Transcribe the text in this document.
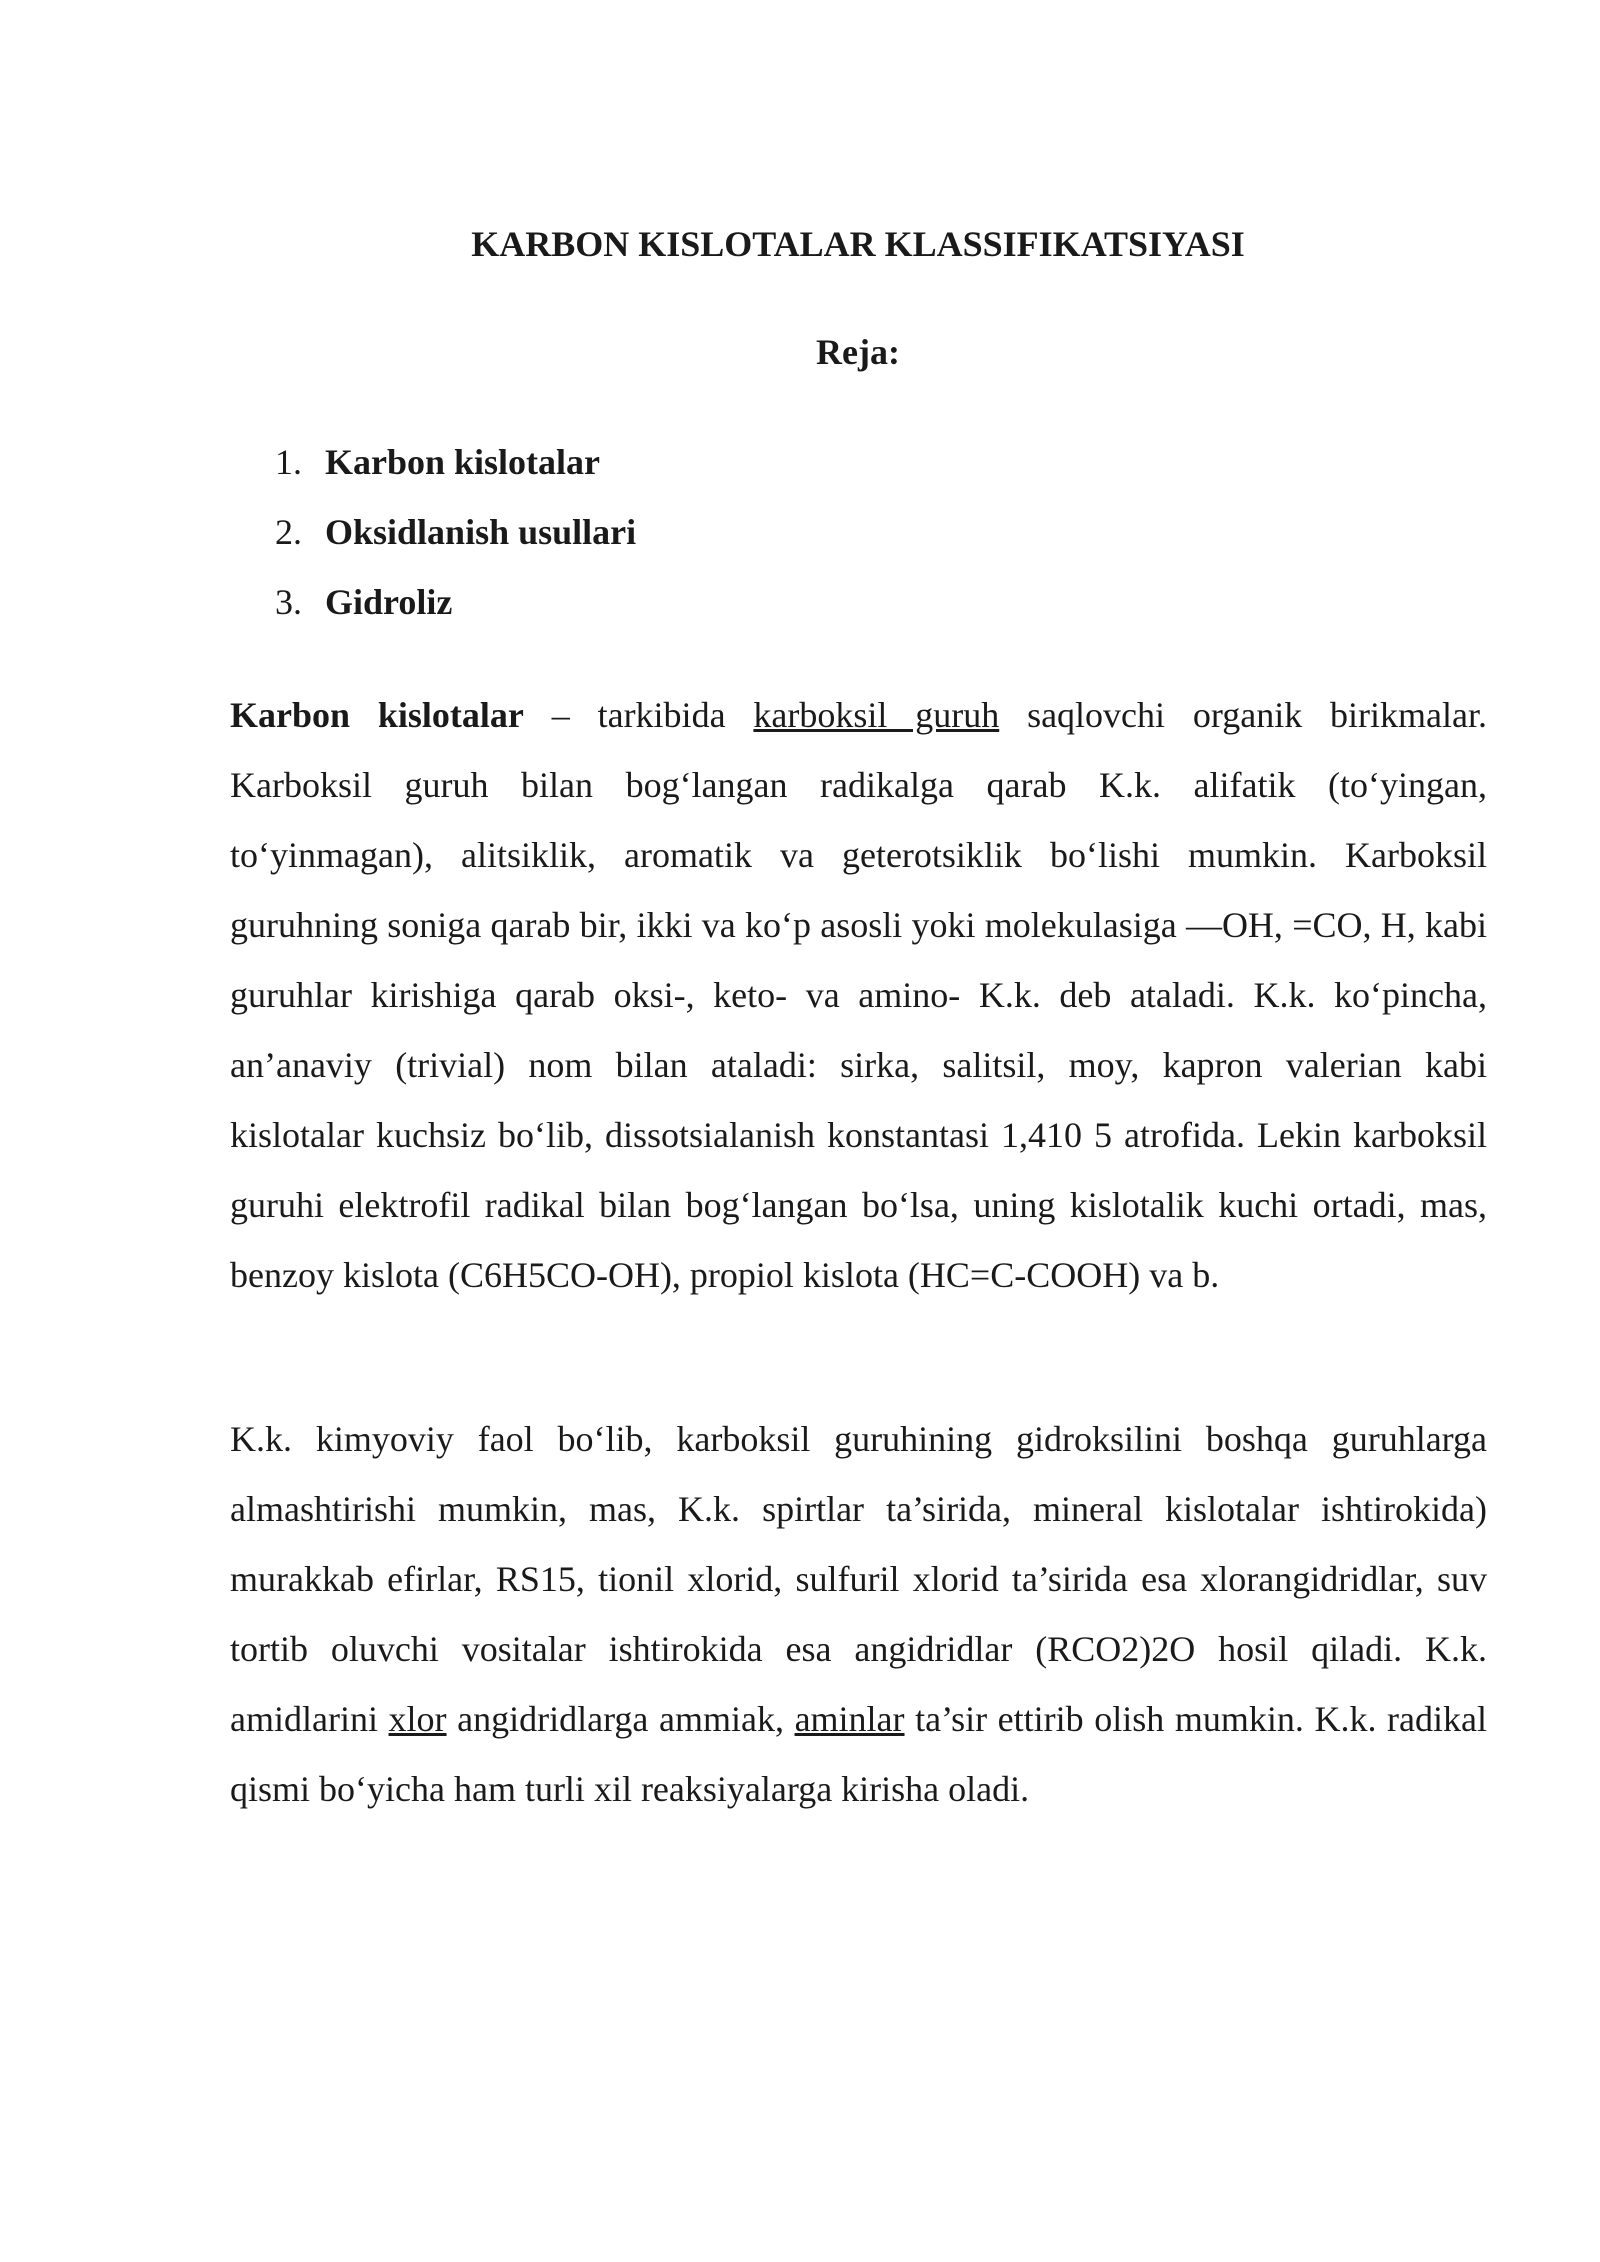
KARBON KISLOTALAR KLASSIFIKATSIYASI
Reja:
1. Karbon kislotalar
2. Oksidlanish usullari
3. Gidroliz

Karbon kislotalar – tarkibida karboksil guruh saqlovchi organik birikmalar. Karboksil guruh bilan bog‘langan radikalga qarab K.k. alifatik (to‘yingan, to‘yinmagan), alitsiklik, aromatik va geterotsiklik bo‘lishi mumkin. Karboksil guruhning soniga qarab bir, ikki va ko‘p asosli yoki molekulasiga —OH, =CO, H, kabi guruhlar kirishiga qarab oksi-, keto- va amino- K.k. deb ataladi. K.k. ko‘pincha, an’anaviy (trivial) nom bilan ataladi: sirka, salitsil, moy, kapron valerian kabi kislotalar kuchsiz bo‘lib, dissotsialanish konstantasi 1,410 5 atrofida. Lekin karboksil guruhi elektrofil radikal bilan bog‘langan bo‘lsa, uning kislotalik kuchi ortadi, mas, benzoy kislota (C6H5CO-OH), propiol kislota (HC=C-COOH) va b.

K.k. kimyoviy faol bo‘lib, karboksil guruhining gidroksilini boshqa guruhlarga almashtirishi mumkin, mas, K.k. spirtlar ta’sirida, mineral kislotalar ishtirokida) murakkab efirlar, RS15, tionil xlorid, sulfuril xlorid ta’sirida esa xlorangidridlar, suv tortib oluvchi vositalar ishtirokida esa angidridlar (RCO2)2O hosil qiladi. K.k. amidlarini xlor angidridlarga ammiak, aminlar ta’sir ettirib olish mumkin. K.k. radikal qismi bo‘yicha ham turli xil reaksiyalarga kirisha oladi.
